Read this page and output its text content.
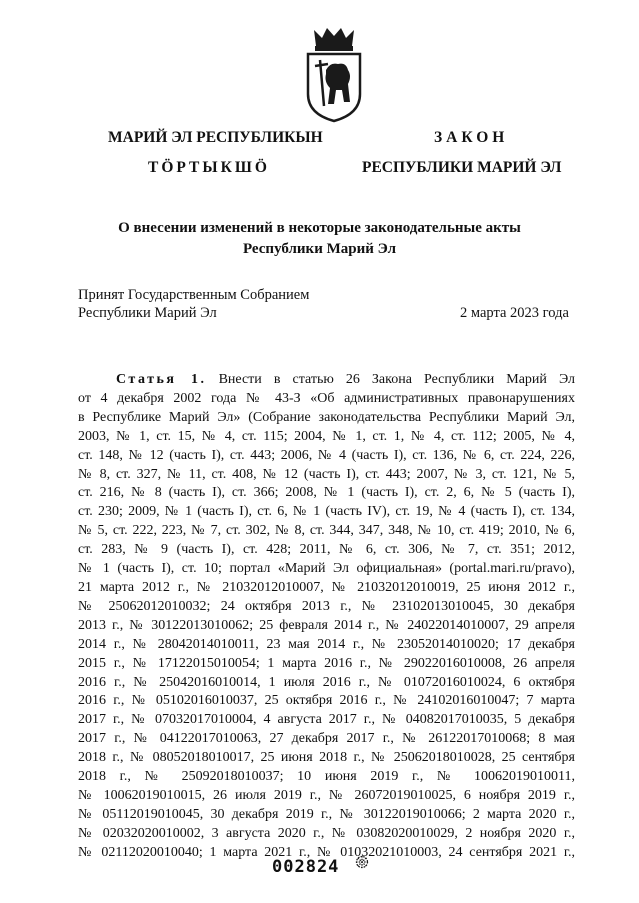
МАРИЙ ЭЛ РЕСПУБЛИКЫН
ТӦРТЫКШӦ
ЗАКОН
РЕСПУБЛИКИ МАРИЙ ЭЛ
О внесении изменений в некоторые законодательные акты
Республики Марий Эл
Принят Государственным Собранием
Республики Марий Эл	2 марта 2023 года
Статья 1. Внести в статью 26 Закона Республики Марий Эл
от 4 декабря 2002 года № 43-З «Об административных правонарушениях
в Республике Марий Эл» (Собрание законодательства Республики Марий Эл,
2003, № 1, ст. 15, № 4, ст. 115; 2004, № 1, ст. 1, № 4, ст. 112; 2005, № 4,
ст. 148, № 12 (часть I), ст. 443; 2006, № 4 (часть I), ст. 136, № 6, ст. 224, 226,
№ 8, ст. 327, № 11, ст. 408, № 12 (часть I), ст. 443; 2007, № 3, ст. 121, № 5,
ст. 216, № 8 (часть I), ст. 366; 2008, № 1 (часть I), ст. 2, 6, № 5 (часть I),
ст. 230; 2009, № 1 (часть I), ст. 6, № 1 (часть IV), ст. 19, № 4 (часть I), ст. 134,
№ 5, ст. 222, 223, № 7, ст. 302, № 8, ст. 344, 347, 348, № 10, ст. 419; 2010, № 6,
ст. 283, № 9 (часть I), ст. 428; 2011, № 6, ст. 306, № 7, ст. 351; 2012,
№ 1 (часть I), ст. 10; портал «Марий Эл официальная» (portal.mari.ru/pravo),
21 марта 2012 г., № 21032012010007, № 21032012010019, 25 июня 2012 г.,
№ 25062012010032; 24 октября 2013 г., № 23102013010045, 30 декабря
2013 г., № 30122013010062; 25 февраля 2014 г., № 24022014010007, 29 апреля
2014 г., № 28042014010011, 23 мая 2014 г., № 23052014010020; 17 декабря
2015 г., № 17122015010054; 1 марта 2016 г., № 29022016010008, 26 апреля
2016 г., № 25042016010014, 1 июля 2016 г., № 01072016010024, 6 октября
2016 г., № 05102016010037, 25 октября 2016 г., № 24102016010047; 7 марта
2017 г., № 07032017010004, 4 августа 2017 г., № 04082017010035, 5 декабря
2017 г., № 04122017010063, 27 декабря 2017 г., № 26122017010068; 8 мая
2018 г., № 08052018010017, 25 июня 2018 г., № 25062018010028, 25 сентября
2018 г., № 25092018010037; 10 июня 2019 г., № 10062019010011,
№ 10062019010015, 26 июля 2019 г., № 26072019010025, 6 ноября 2019 г.,
№ 05112019010045, 30 декабря 2019 г., № 30122019010066; 2 марта 2020 г.,
№ 02032020010002, 3 августа 2020 г., № 03082020010029, 2 ноября 2020 г.,
№ 02112020010040; 1 марта 2021 г., № 01032021010003, 24 сентября 2021 г.,
002824
